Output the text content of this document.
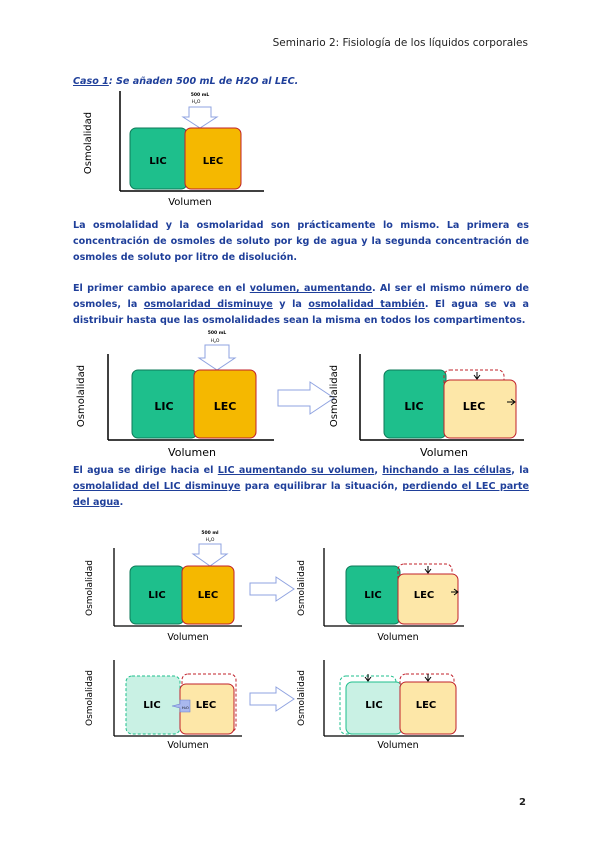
Seminario 2: Fisiología de los líquidos corporales
Caso 1: Se añaden 500 mL de H2O al LEC.
500 mL
$H_2O$
Osmolalidad
Volumen
LIC	LEC
La osmolalidad y la osmolaridad son prácticamente lo mismo. La primera es concentración de osmoles de soluto por kg de agua y la segunda concentración de osmoles de soluto por litro de disolución.
El primer cambio aparece en el volumen, aumentando. Al ser el mismo número de osmoles, la osmolaridad disminuye y la osmolalidad también. El agua se va a distribuir hasta que las osmolalidades sean la misma en todos los compartimentos.
500 mL
$H_2O$
Osmolalidad
Volumen
LIC	LEC	Osmolalidad
Volumen
LIC	LEC
El agua se dirige hacia el LIC aumentando su volumen, hinchando a las células, la osmolalidad del LIC disminuye para equilibrar la situación, perdiendo el LEC parte del agua.
500 ml
$H_2O$
Osmolalidad
Volumen
LIC	LEC	Osmolalidad
Volumen
LIC	LEC
Osmolalidad
Volumen
LIC	LEC
H₂O	Osmolalidad
Volumen
LIC	LEC
2
